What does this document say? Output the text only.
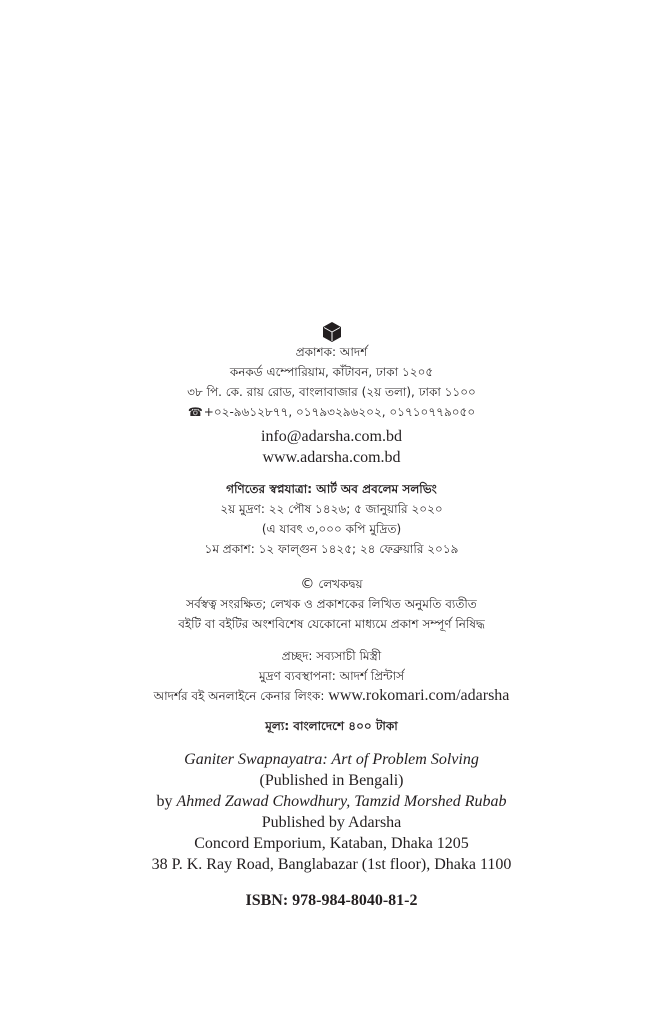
প্রকাশক: আদর্শ
কনকর্ড এম্পোরিয়াম, কাঁটাবন, ঢাকা ১২০৫
৩৮ পি. কে. রায় রোড, বাংলাবাজার (২য় তলা), ঢাকা ১১০০
☎+০২-৯৬১২৮৭৭, ০১৭৯৩২৯৬২০২, ০১৭১০৭৭৯০৫০
info@adarsha.com.bd
www.adarsha.com.bd
গণিতের স্বপ্নযাত্রা: আর্ট অব প্রবলেম সলভিং
২য় মুদ্রণ: ২২ পৌষ ১৪২৬; ৫ জানুয়ারি ২০২০
(এ যাবৎ ৩,০০০ কপি মুদ্রিত)
১ম প্রকাশ: ১২ ফাল্গুন ১৪২৫; ২৪ ফেব্রুয়ারি ২০১৯
© লেখকদ্বয়
সর্বস্বত্ব সংরক্ষিত; লেখক ও প্রকাশকের লিখিত অনুমতি ব্যতীত
বইটি বা বইটির অংশবিশেষ যেকোনো মাধ্যমে প্রকাশ সম্পূর্ণ নিষিদ্ধ
প্রচ্ছদ: সব্যসাচী মিস্ত্রী
মুদ্রণ ব্যবস্থাপনা: আদর্শ প্রিন্টার্স
আদর্শর বই অনলাইনে কেনার লিংক: www.rokomari.com/adarsha
মূল্য: বাংলাদেশে ৪০০ টাকা
Ganiter Swapnayatra: Art of Problem Solving
(Published in Bengali)
by Ahmed Zawad Chowdhury, Tamzid Morshed Rubab
Published by Adarsha
Concord Emporium, Kataban, Dhaka 1205
38 P. K. Ray Road, Banglabazar (1st floor), Dhaka 1100
ISBN: 978-984-8040-81-2
